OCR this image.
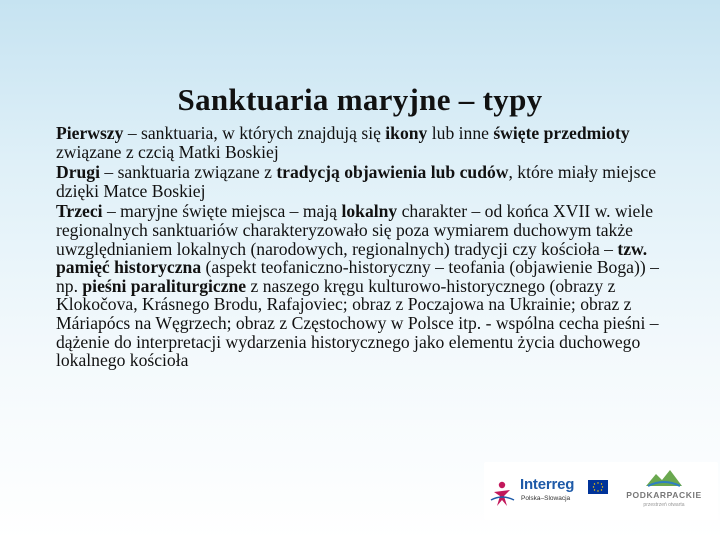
Sanktuaria maryjne – typy

Pierwszy – sanktuaria, w których znajdują się ikony lub inne święte przedmioty związane z czcią Matki Boskiej

Drugi – sanktuaria związane z tradycją objawienia lub cudów, które miały miejsce dzięki Matce Boskiej

Trzeci – maryjne święte miejsca – mają lokalny charakter – od końca XVII w. wiele regionalnych sanktuariów charakteryzowało się poza wymiarem duchowym także uwzględnianiem lokalnych (narodowych, regionalnych) tradycji czy kościoła – tzw. pamięć historyczna (aspekt teofaniczno-historyczny – teofania (objawienie Boga)) – np. pieśni paraliturgiczne z naszego kręgu kulturowo-historycznego (obrazy z Klokočova, Krásnego Brodu, Rafajoviec; obraz z Poczajowa na Ukrainie; obraz z Máriapócs na Węgrzech; obraz z Częstochowy w Polsce itp. - wspólna cecha pieśni – dążenie do interpretacji wydarzenia historycznego jako elementu życia duchowego lokalnego kościoła

Interreg
Polska–Slowacja	PODKARPACKIE
przestrzeń otwarta
